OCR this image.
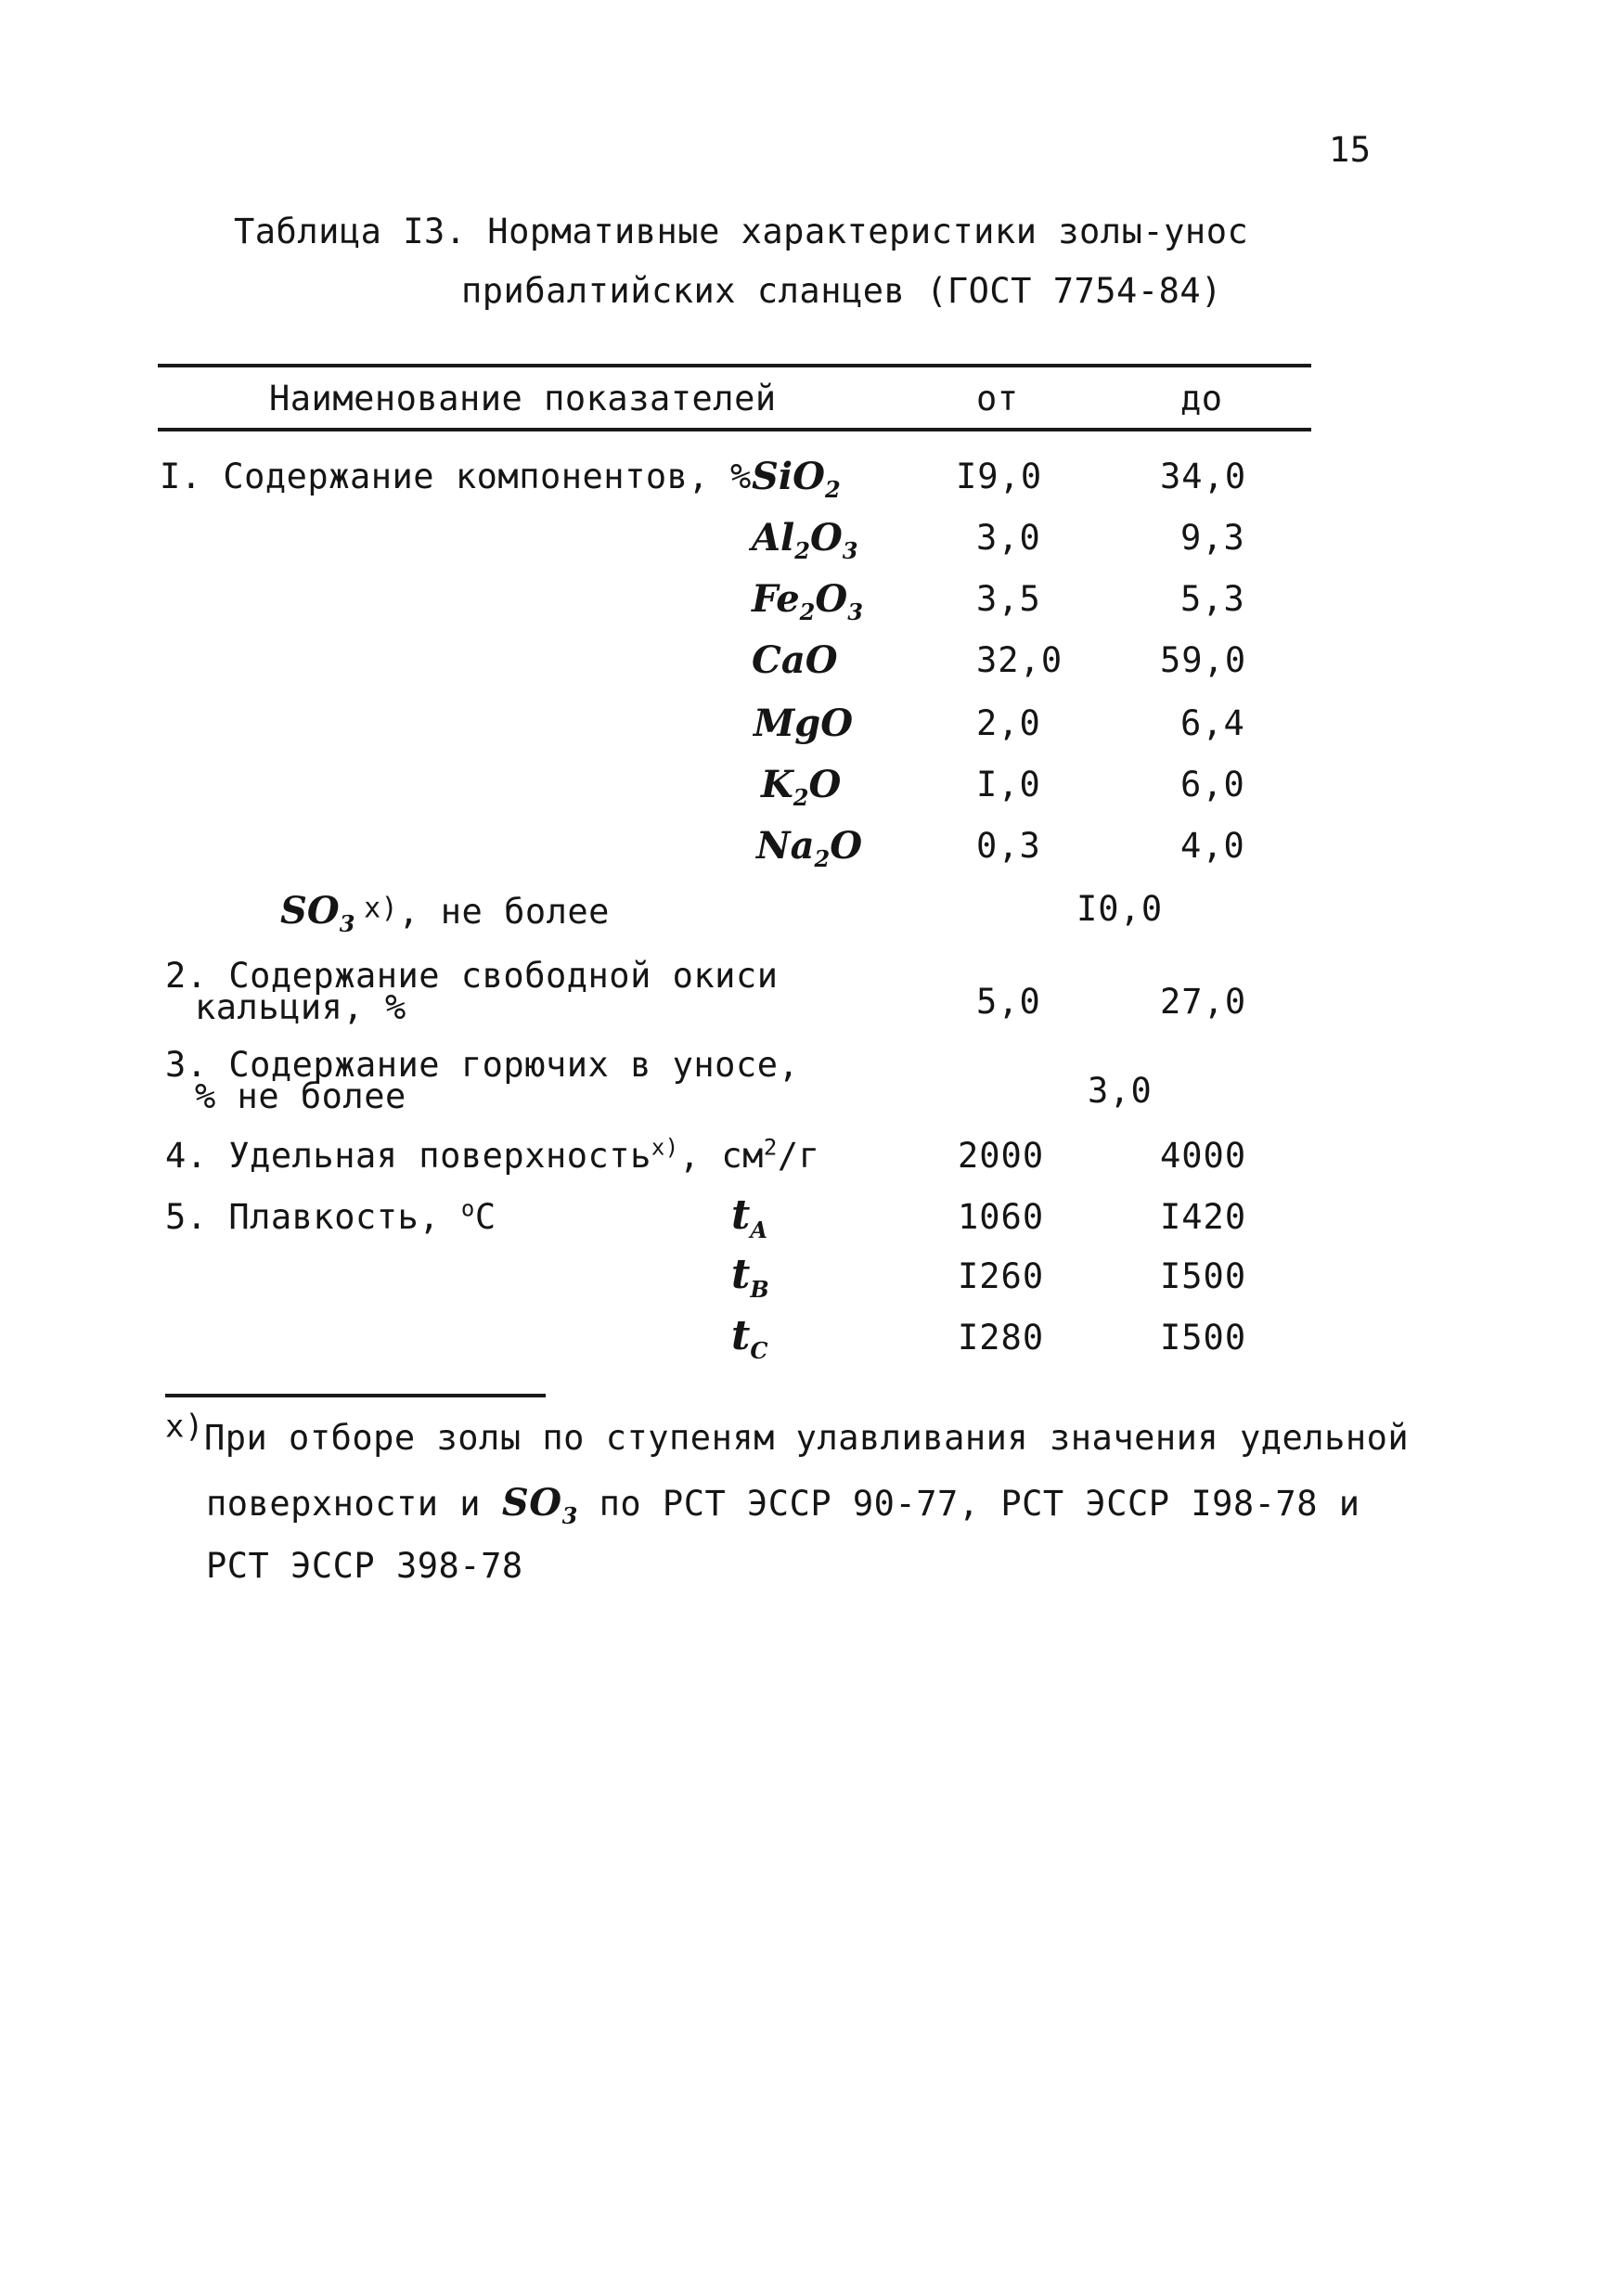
15
Таблица I3. Нормативные характеристики золы-унос
прибалтийских сланцев (ГОСТ 7754-84)
Наименование показателей	от	до
I. Содержание компонентов, % SiO$_2$	I9,0	34,0
$Al_2O_3$	3,0	9,3
$Fe_2O_3$	3,5	5,3
CaO	32,0	59,0
MgO	2,0	6,4
$K_2O$	I,0	6,0
$Na_2O$	0,3	4,0
$SO_3$ $^{x)}$, не более	I0,0
2. Содержание свободной окиси
кальция, %	5,0	27,0
3. Содержание горючих в уносе,
% не более	3,0
4. Удельная поверхность$^{x)}$, $см^2/г$	2000	4000
5. Плавкость, $^о$С	$t_A$	1060	I420
$t_B$	I260	I500
$t_C$	I280	I500
$^{x)}$При отборе золы по ступеням улавливания значения удельной
поверхности и $SO_3$ по РСТ ЭССР 90-77, РСТ ЭССР I98-78 и
РСТ ЭССР 398-78
